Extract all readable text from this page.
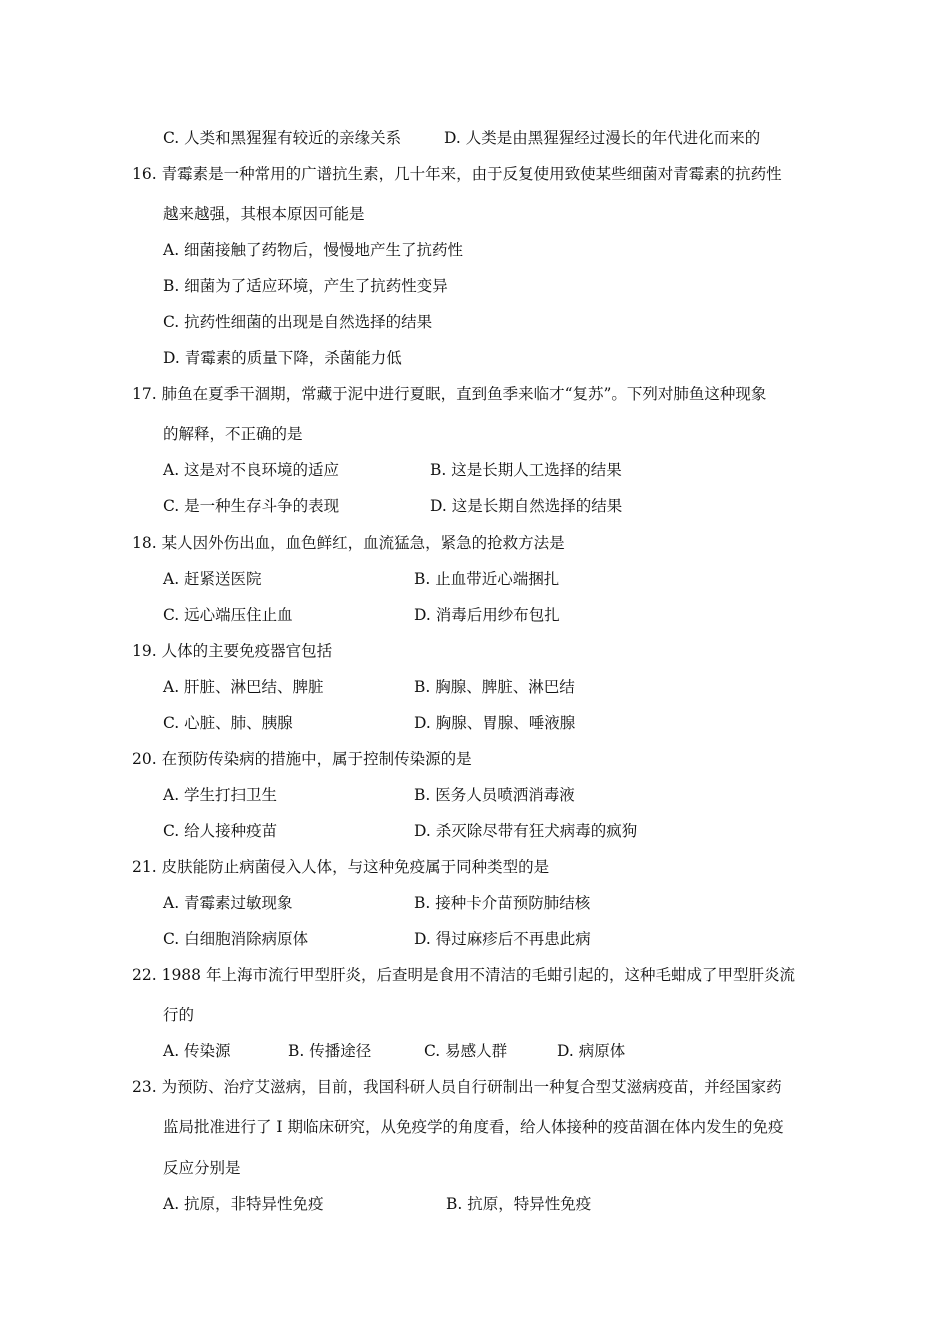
C. 人类和黑猩猩有较近的亲缘关系	D. 人类是由黑猩猩经过漫长的年代进化而来的
16. 青霉素是一种常用的广谱抗生素，几十年来，由于反复使用致使某些细菌对青霉素的抗药性
越来越强，其根本原因可能是
A. 细菌接触了药物后，慢慢地产生了抗药性
B. 细菌为了适应环境，产生了抗药性变异
C. 抗药性细菌的出现是自然选择的结果
D. 青霉素的质量下降，杀菌能力低
17. 肺鱼在夏季干涸期，常藏于泥中进行夏眠，直到鱼季来临才“复苏”。下列对肺鱼这种现象
的解释，不正确的是
A. 这是对不良环境的适应	B. 这是长期人工选择的结果
C. 是一种生存斗争的表现	D. 这是长期自然选择的结果
18. 某人因外伤出血，血色鲜红，血流猛急，紧急的抢救方法是
A. 赶紧送医院	B. 止血带近心端捆扎
C. 远心端压住止血	D. 消毒后用纱布包扎
19. 人体的主要免疫器官包括
A. 肝脏、淋巴结、脾脏	B. 胸腺、脾脏、淋巴结
C. 心脏、肺、胰腺	D. 胸腺、胃腺、唾液腺
20. 在预防传染病的措施中，属于控制传染源的是
A. 学生打扫卫生	B. 医务人员喷洒消毒液
C. 给人接种疫苗	D. 杀灭除尽带有狂犬病毒的疯狗
21. 皮肤能防止病菌侵入人体，与这种免疫属于同种类型的是
A. 青霉素过敏现象	B. 接种卡介苗预防肺结核
C. 白细胞消除病原体	D. 得过麻疹后不再患此病
22. 1988 年上海市流行甲型肝炎，后查明是食用不清洁的毛蚶引起的，这种毛蚶成了甲型肝炎流
行的
A. 传染源	B. 传播途径	C. 易感人群	D. 病原体
23. 为预防、治疗艾滋病，目前，我国科研人员自行研制出一种复合型艾滋病疫苗，并经国家药
监局批准进行了 I 期临床研究，从免疫学的角度看，给人体接种的疫苗涸在体内发生的免疫
反应分别是
A. 抗原，非特异性免疫	B. 抗原，特异性免疫
